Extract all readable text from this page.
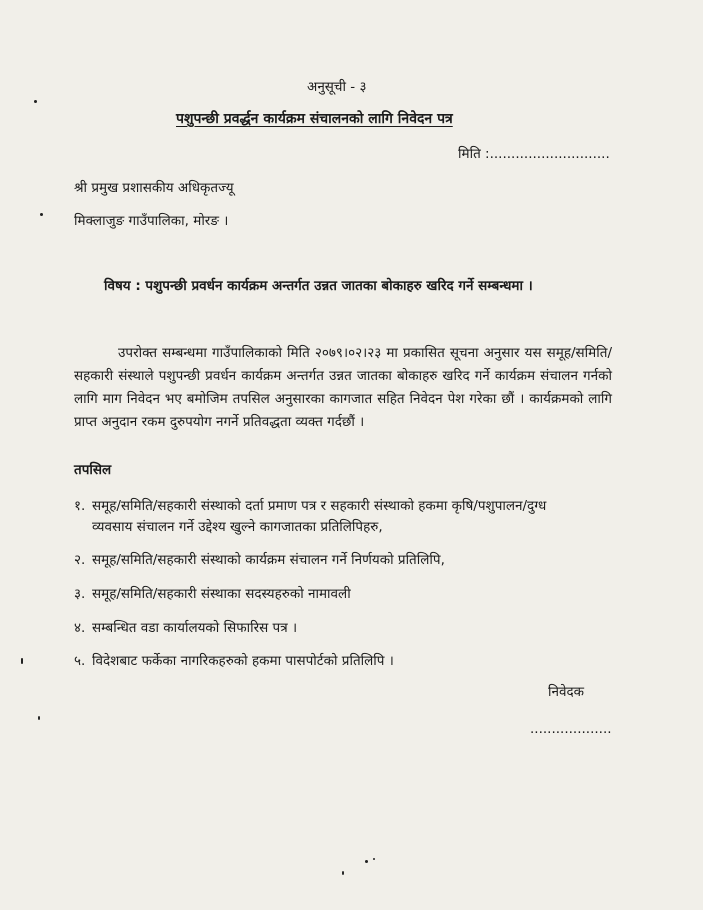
अनुसूची - ३
पशुपन्छी प्रवर्द्धन कार्यक्रम संचालनको लागि निवेदन पत्र
मिति :............................
श्री प्रमुख प्रशासकीय अधिकृतज्यू
मिक्लाजुङ गाउँपालिका, मोरङ ।
विषय : पशुपन्छी प्रवर्धन कार्यक्रम अन्तर्गत उन्नत जातका बोकाहरु खरिद गर्ने सम्बन्धमा ।
उपरोक्त सम्बन्धमा गाउँपालिकाको मिति २०७९।०२।२३ मा प्रकासित सूचना अनुसार यस समूह/समिति/सहकारी संस्थाले पशुपन्छी प्रवर्धन कार्यक्रम अन्तर्गत उन्नत जातका बोकाहरु खरिद गर्ने कार्यक्रम संचालन गर्नको लागि माग निवेदन भए बमोजिम तपसिल अनुसारका कागजात सहित निवेदन पेश गरेका छौं । कार्यक्रमको लागि प्राप्त अनुदान रकम दुरुपयोग नगर्ने प्रतिवद्धता व्यक्त गर्दछौं ।
तपसिल
१. समूह/समिति/सहकारी संस्थाको दर्ता प्रमाण पत्र र सहकारी संस्थाको हकमा कृषि/पशुपालन/दुग्ध
व्यवसाय संचालन गर्ने उद्देश्य खुल्ने कागजातका प्रतिलिपिहरु,
२. समूह/समिति/सहकारी संस्थाको कार्यक्रम संचालन गर्ने निर्णयको प्रतिलिपि,
३. समूह/समिति/सहकारी संस्थाका सदस्यहरुको नामावली
४. सम्बन्धित वडा कार्यालयको सिफारिस पत्र ।
५. विदेशबाट फर्केका नागरिकहरुको हकमा पासपोर्टको प्रतिलिपि ।
निवेदक
...................
